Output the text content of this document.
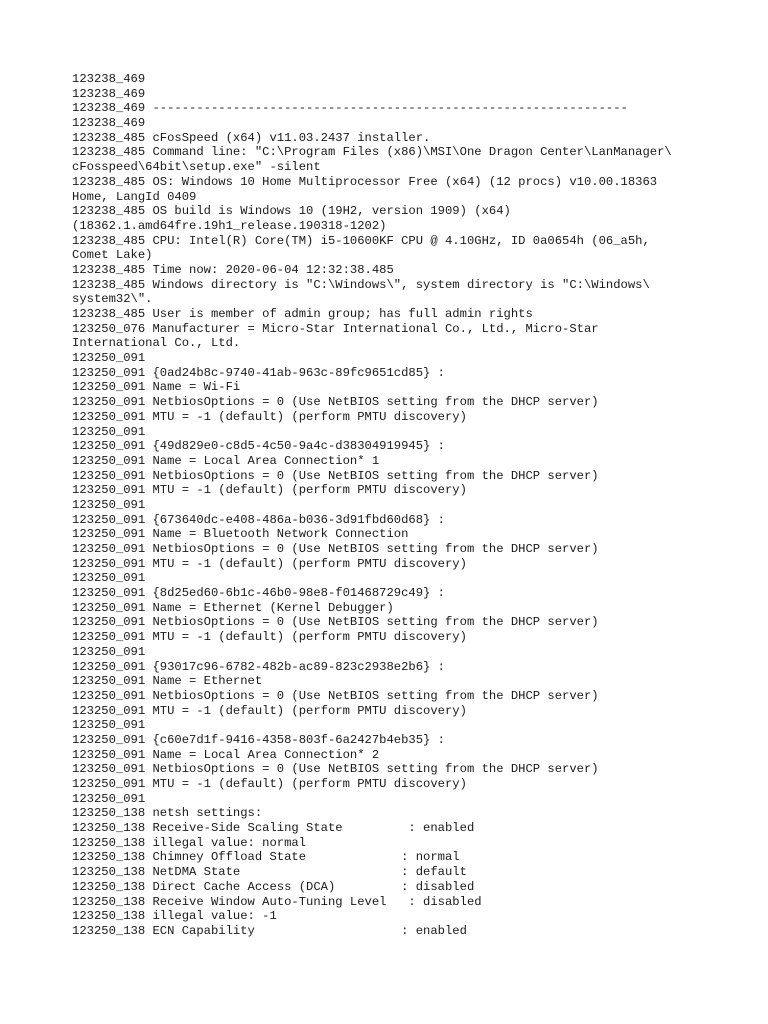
123238_469
123238_469
123238_469 -----------------------------------------------------------------
123238_469
123238_485 cFosSpeed (x64) v11.03.2437 installer.
123238_485 Command line: "C:\Program Files (x86)\MSI\One Dragon Center\LanManager\
cFosspeed\64bit\setup.exe" -silent
123238_485 OS: Windows 10 Home Multiprocessor Free (x64) (12 procs) v10.00.18363
Home, LangId 0409
123238_485 OS build is Windows 10 (19H2, version 1909) (x64)
(18362.1.amd64fre.19h1_release.190318-1202)
123238_485 CPU: Intel(R) Core(TM) i5-10600KF CPU @ 4.10GHz, ID 0a0654h (06_a5h,
Comet Lake)
123238_485 Time now: 2020-06-04 12:32:38.485
123238_485 Windows directory is "C:\Windows\", system directory is "C:\Windows\
system32\".
123238_485 User is member of admin group; has full admin rights
123250_076 Manufacturer = Micro-Star International Co., Ltd., Micro-Star
International Co., Ltd.
123250_091
123250_091 {0ad24b8c-9740-41ab-963c-89fc9651cd85} :
123250_091 Name = Wi-Fi
123250_091 NetbiosOptions = 0 (Use NetBIOS setting from the DHCP server)
123250_091 MTU = -1 (default) (perform PMTU discovery)
123250_091
123250_091 {49d829e0-c8d5-4c50-9a4c-d38304919945} :
123250_091 Name = Local Area Connection* 1
123250_091 NetbiosOptions = 0 (Use NetBIOS setting from the DHCP server)
123250_091 MTU = -1 (default) (perform PMTU discovery)
123250_091
123250_091 {673640dc-e408-486a-b036-3d91fbd60d68} :
123250_091 Name = Bluetooth Network Connection
123250_091 NetbiosOptions = 0 (Use NetBIOS setting from the DHCP server)
123250_091 MTU = -1 (default) (perform PMTU discovery)
123250_091
123250_091 {8d25ed60-6b1c-46b0-98e8-f01468729c49} :
123250_091 Name = Ethernet (Kernel Debugger)
123250_091 NetbiosOptions = 0 (Use NetBIOS setting from the DHCP server)
123250_091 MTU = -1 (default) (perform PMTU discovery)
123250_091
123250_091 {93017c96-6782-482b-ac89-823c2938e2b6} :
123250_091 Name = Ethernet
123250_091 NetbiosOptions = 0 (Use NetBIOS setting from the DHCP server)
123250_091 MTU = -1 (default) (perform PMTU discovery)
123250_091
123250_091 {c60e7d1f-9416-4358-803f-6a2427b4eb35} :
123250_091 Name = Local Area Connection* 2
123250_091 NetbiosOptions = 0 (Use NetBIOS setting from the DHCP server)
123250_091 MTU = -1 (default) (perform PMTU discovery)
123250_091
123250_138 netsh settings:
123250_138 Receive-Side Scaling State         : enabled
123250_138 illegal value: normal
123250_138 Chimney Offload State             : normal
123250_138 NetDMA State                      : default
123250_138 Direct Cache Access (DCA)         : disabled
123250_138 Receive Window Auto-Tuning Level   : disabled
123250_138 illegal value: -1
123250_138 ECN Capability                    : enabled
